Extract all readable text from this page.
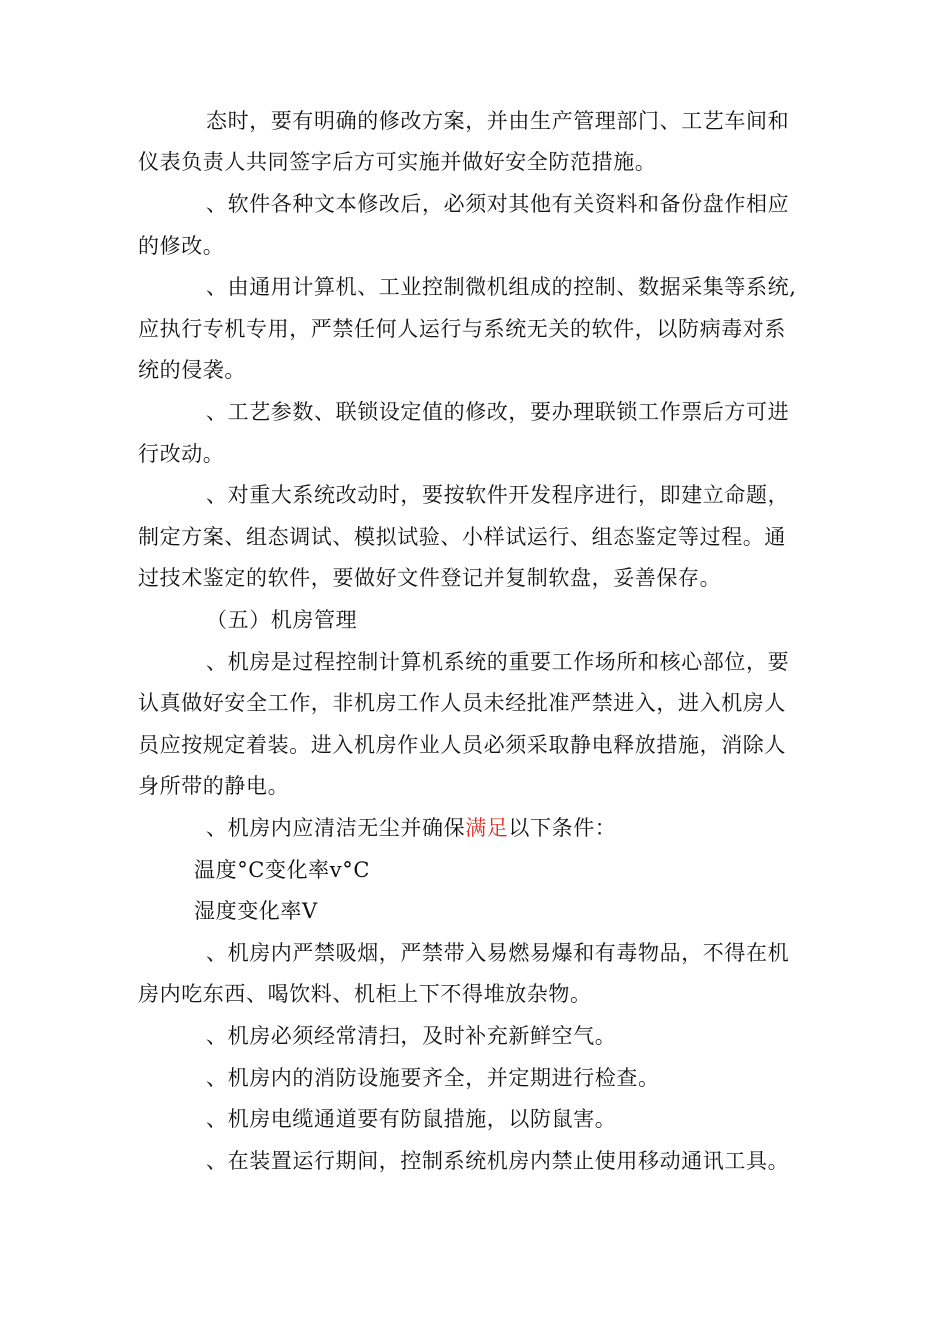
态时，要有明确的修改方案，并由生产管理部门、工艺车间和
仪表负责人共同签字后方可实施并做好安全防范措施。
、软件各种文本修改后，必须对其他有关资料和备份盘作相应
的修改。
、由通用计算机、工业控制微机组成的控制、数据采集等系统,
应执行专机专用，严禁任何人运行与系统无关的软件，以防病毒对系
统的侵袭。
、工艺参数、联锁设定值的修改，要办理联锁工作票后方可进
行改动。
、对重大系统改动时，要按软件开发程序进行，即建立命题，
制定方案、组态调试、模拟试验、小样试运行、组态鉴定等过程。通
过技术鉴定的软件，要做好文件登记并复制软盘，妥善保存。
（五）机房管理
、机房是过程控制计算机系统的重要工作场所和核心部位，要
认真做好安全工作，非机房工作人员未经批准严禁进入，进入机房人
员应按规定着装。进入机房作业人员必须采取静电释放措施，消除人
身所带的静电。
、机房内应清洁无尘并确保满足以下条件：
温度°C变化率v°C
湿度变化率V
、机房内严禁吸烟，严禁带入易燃易爆和有毒物品，不得在机
房内吃东西、喝饮料、机柜上下不得堆放杂物。
、机房必须经常清扫，及时补充新鲜空气。
、机房内的消防设施要齐全，并定期进行检查。
、机房电缆通道要有防鼠措施，以防鼠害。
、在装置运行期间，控制系统机房内禁止使用移动通讯工具。
